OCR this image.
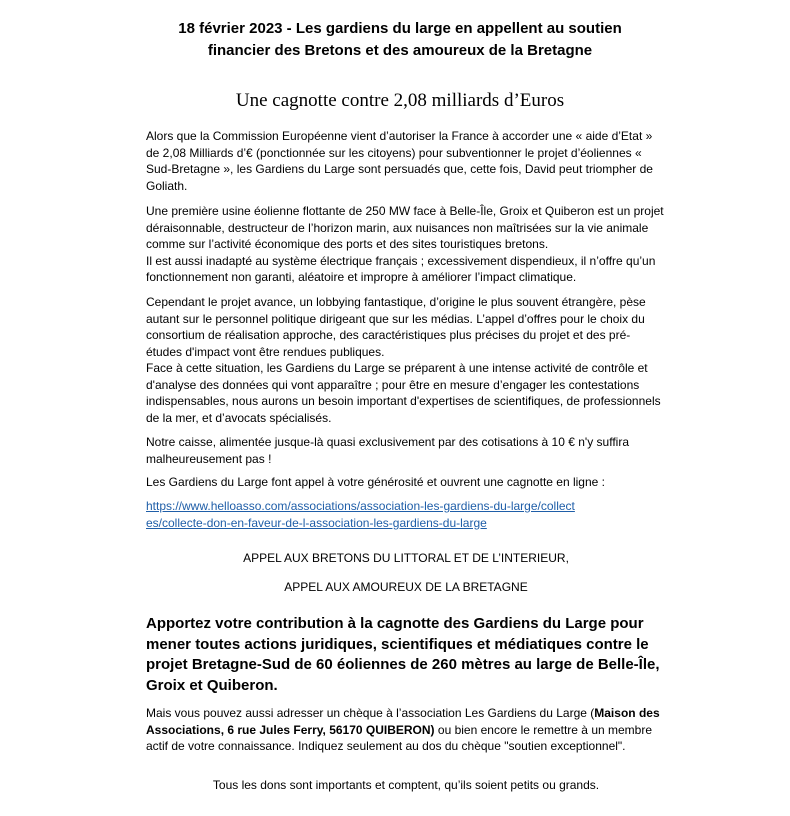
18 février 2023 - Les gardiens du large en appellent au soutien
financier des Bretons et des amoureux de la Bretagne
Une cagnotte contre 2,08 milliards d’Euros

Alors que la Commission Européenne vient d’autoriser la France à accorder une « aide d’Etat » de 2,08 Milliards d’€ (ponctionnée sur les citoyens) pour subventionner le projet d’éoliennes « Sud-Bretagne », les Gardiens du Large sont persuadés que, cette fois, David peut triompher de Goliath.

Une première usine éolienne flottante de 250 MW face à Belle-Île, Groix et Quiberon est un projet déraisonnable, destructeur de l’horizon marin, aux nuisances non maîtrisées sur la vie animale comme sur l’activité économique des ports et des sites touristiques bretons.

Il est aussi inadapté au système électrique français ; excessivement dispendieux, il n’offre qu’un fonctionnement non garanti, aléatoire et impropre à améliorer l’impact climatique.

Cependant le projet avance, un lobbying fantastique, d’origine le plus souvent étrangère, pèse autant sur le personnel politique dirigeant que sur les médias. L’appel d’offres pour le choix du consortium de réalisation approche, des caractéristiques plus précises du projet et des pré-études d'impact vont être rendues publiques.

Face à cette situation, les Gardiens du Large se préparent à une intense activité de contrôle et d'analyse des données qui vont apparaître ; pour être en mesure d’engager les contestations indispensables, nous aurons un besoin important d'expertises de scientifiques, de professionnels de la mer, et d’avocats spécialisés.

Notre caisse, alimentée jusque-là quasi exclusivement par des cotisations à 10 € n'y suffira malheureusement pas !

Les Gardiens du Large font appel à votre générosité et ouvrent une cagnotte en ligne :

https://www.helloasso.com/associations/association-les-gardiens-du-large/collectes/collecte-don-en-faveur-de-l-association-les-gardiens-du-large
APPEL AUX BRETONS DU LITTORAL ET DE L’INTERIEUR,
APPEL AUX AMOUREUX DE LA BRETAGNE
Apportez votre contribution à la cagnotte des Gardiens du Large pour mener toutes actions juridiques, scientifiques et médiatiques contre le projet Bretagne-Sud de 60 éoliennes de 260 mètres au large de Belle-Île, Groix et Quiberon.

Mais vous pouvez aussi adresser un chèque à l’association Les Gardiens du Large (Maison des Associations, 6 rue Jules Ferry, 56170 QUIBERON) ou bien encore le remettre à un membre actif de votre connaissance. Indiquez seulement au dos du chèque "soutien exceptionnel".

Tous les dons sont importants et comptent, qu’ils soient petits ou grands.
